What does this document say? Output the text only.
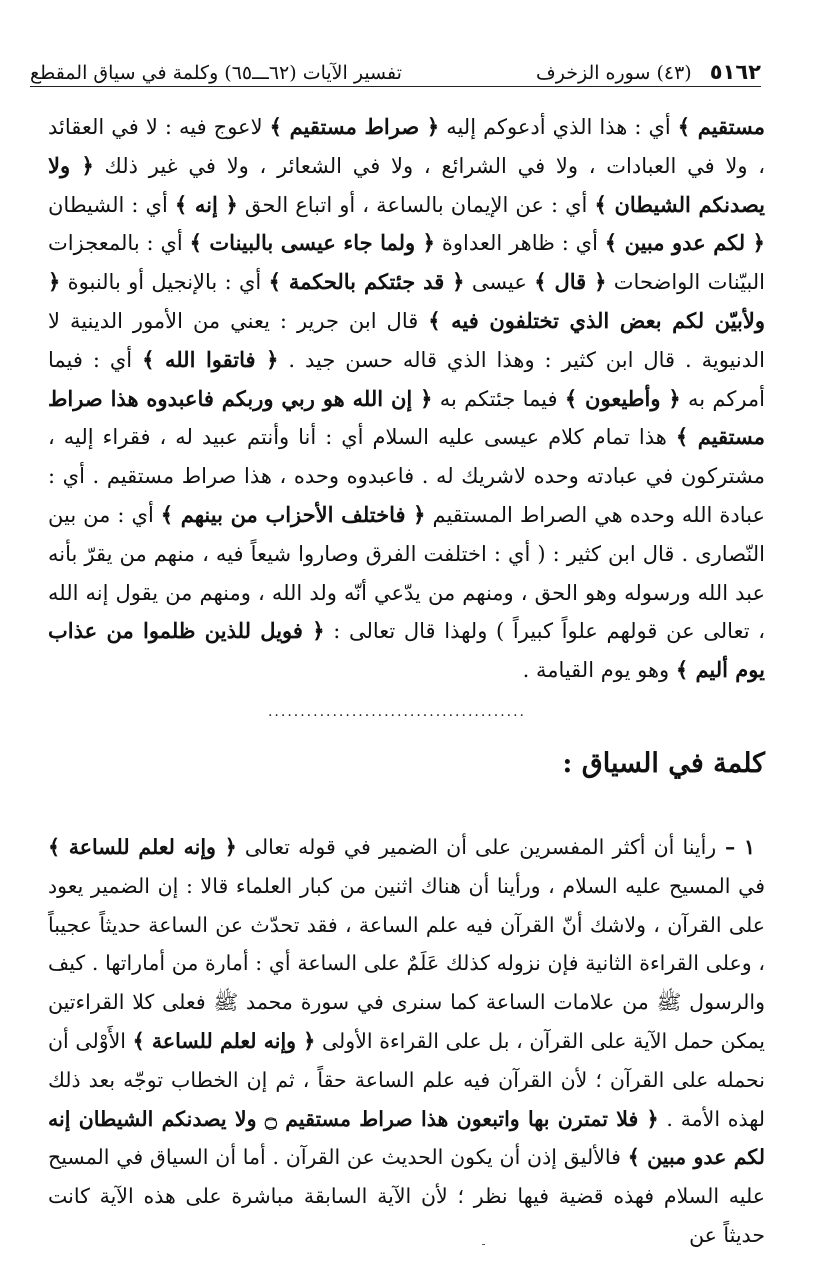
٥١٦٢
(٤٣) سوره الزخرف
تفسير الآيات (٦٢ـــ٦٥) وكلمة في سياق المقطع

مستقيم ﴾ أي : هذا الذي أدعوكم إليه ﴿ صراط مستقيم ﴾ لاعوج فيه : لا في العقائد ، ولا في العبادات ، ولا في الشرائع ، ولا في الشعائر ، ولا في غير ذلك ﴿ ولا يصدنكم الشيطان ﴾ أي : عن الإيمان بالساعة ، أو اتباع الحق ﴿ إنه ﴾ أي : الشيطان ﴿ لكم عدو مبين ﴾ أي : ظاهر العداوة ﴿ ولما جاء عيسى بالبينات ﴾ أي : بالمعجزات البيّنات الواضحات ﴿ قال ﴾ عيسى ﴿ قد جئتكم بالحكمة ﴾ أي : بالإنجيل أو بالنبوة ﴿ ولأبيّن لكم بعض الذي تختلفون فيه ﴾ قال ابن جرير : يعني من الأمور الدينية لا الدنيوية . قال ابن كثير : وهذا الذي قاله حسن جيد . ﴿ فاتقوا الله ﴾ أي : فيما أمركم به ﴿ وأطيعون ﴾ فيما جئتكم به ﴿ إن الله هو ربي وربكم فاعبدوه هذا صراط مستقيم ﴾ هذا تمام كلام عيسى عليه السلام أي : أنا وأنتم عبيد له ، فقراء إليه ، مشتركون في عبادته وحده لاشريك له . فاعبدوه وحده ، هذا صراط مستقيم . أي : عبادة الله وحده هي الصراط المستقيم ﴿ فاختلف الأحزاب من بينهم ﴾ أي : من بين النّصارى . قال ابن كثير : ( أي : اختلفت الفرق وصاروا شيعاً فيه ، منهم من يقرّ بأنه عبد الله ورسوله وهو الحق ، ومنهم من يدّعي أنّه ولد الله ، ومنهم من يقول إنه الله ، تعالى عن قولهم علواً كبيراً ) ولهذا قال تعالى : ﴿ فويل للذين ظلموا من عذاب يوم أليم ﴾ وهو يوم القيامة .

........................................
كلمة في السياق :

١ – رأينا أن أكثر المفسرين على أن الضمير في قوله تعالى ﴿ وإنه لعلم للساعة ﴾ في المسيح عليه السلام ، ورأينا أن هناك اثنين من كبار العلماء قالا : إن الضمير يعود على القرآن ، ولاشك أنّ القرآن فيه علم الساعة ، فقد تحدّث عن الساعة حديثاً عجيباً ، وعلى القراءة الثانية فإن نزوله كذلك عَلَمٌ على الساعة أي : أمارة من أماراتها . كيف والرسول ﷺ من علامات الساعة كما سنرى في سورة محمد ﷺ فعلى كلا القراءتين يمكن حمل الآية على القرآن ، بل على القراءة الأولى ﴿ وإنه لعلم للساعة ﴾ الأَوْلى أن نحمله على القرآن ؛ لأن القرآن فيه علم الساعة حقاً ، ثم إن الخطاب توجّه بعد ذلك لهذه الأمة . ﴿ فلا تمترن بها واتبعون هذا صراط مستقيم ۝ ولا يصدنكم الشيطان إنه لكم عدو مبين ﴾ فالأليق إذن أن يكون الحديث عن القرآن . أما أن السياق في المسيح عليه السلام فهذه قضية فيها نظر ؛ لأن الآية السابقة مباشرة على هذه الآية كانت حديثاً عن
